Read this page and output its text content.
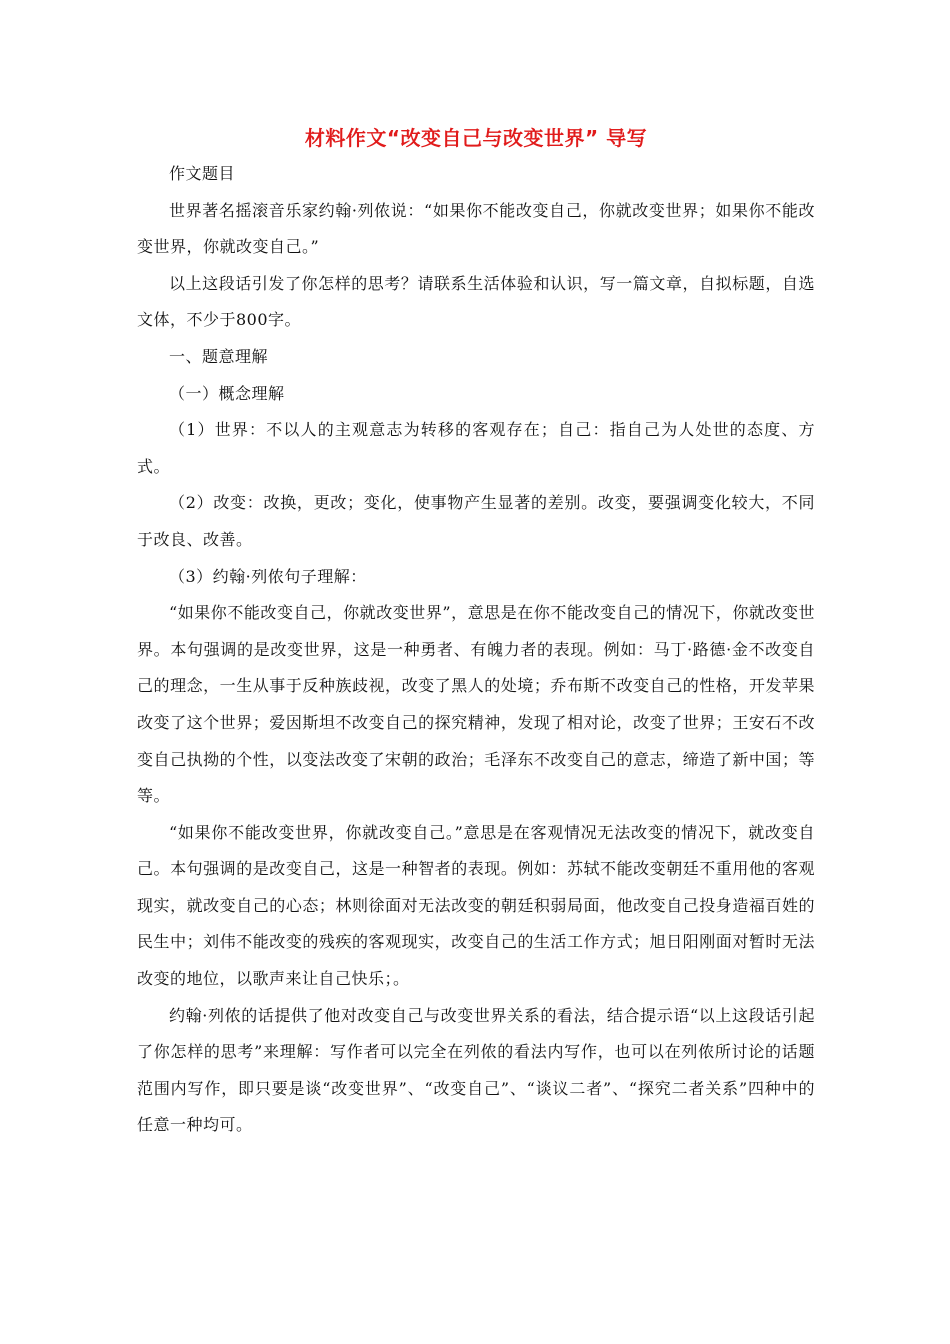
材料作文“改变自己与改变世界” 导写

作文题目

世界著名摇滚音乐家约翰·列侬说：“如果你不能改变自己，你就改变世界；如果你不能改变世界，你就改变自己。”

以上这段话引发了你怎样的思考？请联系生活体验和认识，写一篇文章，自拟标题，自选文体，不少于800字。

一、题意理解

（一）概念理解

（1）世界：不以人的主观意志为转移的客观存在；自己：指自己为人处世的态度、方式。

（2）改变：改换，更改；变化，使事物产生显著的差别。改变，要强调变化较大，不同于改良、改善。

（3）约翰·列侬句子理解：

“如果你不能改变自己，你就改变世界”，意思是在你不能改变自己的情况下，你就改变世界。本句强调的是改变世界，这是一种勇者、有魄力者的表现。例如：马丁·路德·金不改变自己的理念，一生从事于反种族歧视，改变了黑人的处境；乔布斯不改变自己的性格，开发苹果改变了这个世界；爱因斯坦不改变自己的探究精神，发现了相对论，改变了世界；王安石不改变自己执拗的个性，以变法改变了宋朝的政治；毛泽东不改变自己的意志，缔造了新中国；等等。

“如果你不能改变世界，你就改变自己。”意思是在客观情况无法改变的情况下，就改变自己。本句强调的是改变自己，这是一种智者的表现。例如：苏轼不能改变朝廷不重用他的客观现实，就改变自己的心态；林则徐面对无法改变的朝廷积弱局面，他改变自己投身造福百姓的民生中；刘伟不能改变的残疾的客观现实，改变自己的生活工作方式；旭日阳刚面对暂时无法改变的地位，以歌声来让自己快乐；。

约翰·列侬的话提供了他对改变自己与改变世界关系的看法，结合提示语“以上这段话引起了你怎样的思考”来理解：写作者可以完全在列侬的看法内写作，也可以在列侬所讨论的话题范围内写作，即只要是谈“改变世界”、“改变自己”、“谈议二者”、“探究二者关系”四种中的任意一种均可。
